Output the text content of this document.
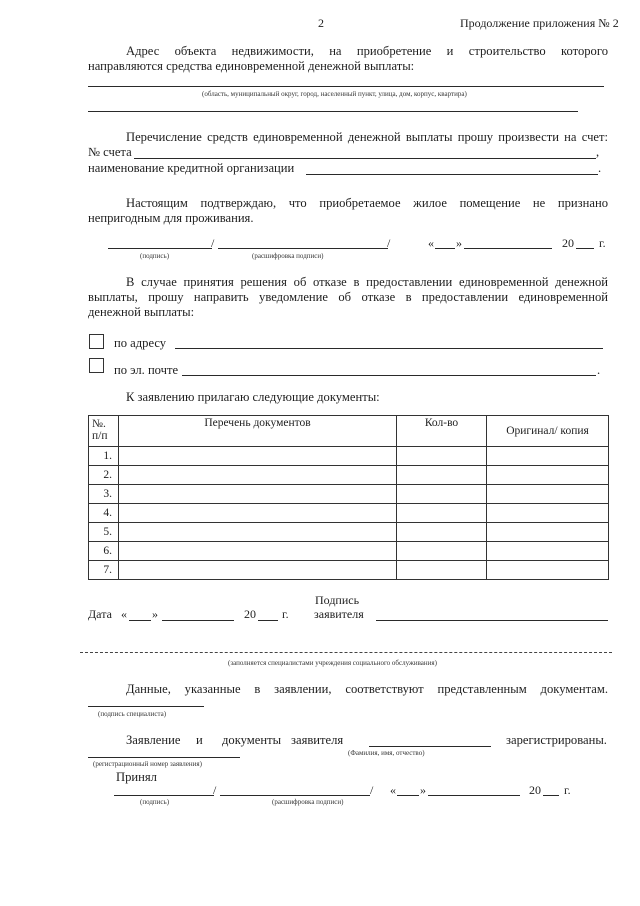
2	Продолжение приложения № 2
Адрес объекта недвижимости, на приобретение и строительство которого
направляются средства единовременной денежной выплаты:
(область, муниципальный округ, город, населенный пункт, улица, дом, корпус, квартира)
Перечисление средств единовременной денежной выплаты прошу произвести на счет:
№ счета	,
наименование кредитной организации	.
Настоящим подтверждаю, что приобретаемое жилое помещение не признано
непригодным для проживания.
/	/	« »	20 г.
(подпись)	(расшифровка подписи)
В случае принятия решения об отказе в предоставлении единовременной денежной
выплаты, прошу направить уведомление об отказе в предоставлении единовременной
денежной выплаты:
по адресу
по эл. почте	.
К заявлению прилагаю следующие документы:
№.
п/п	Перечень документов	Кол-во	Оригинал/ копия
1.			
2.			
3.			
4.			
5.			
6.			
7.			
Дата « »	20 г.
Подпись
заявителя
(заполняется специалистами учреждения социального обслуживания)
Данные, указанные в заявлении, соответствуют представленным документам.
(подпись специалиста)
Заявление и документы заявителя	зарегистрированы.
(Фамилия, имя, отчество)
(регистрационный номер заявления)
Принял
/	/ « »	20 г.
(подпись)	(расшифровка подписи)
